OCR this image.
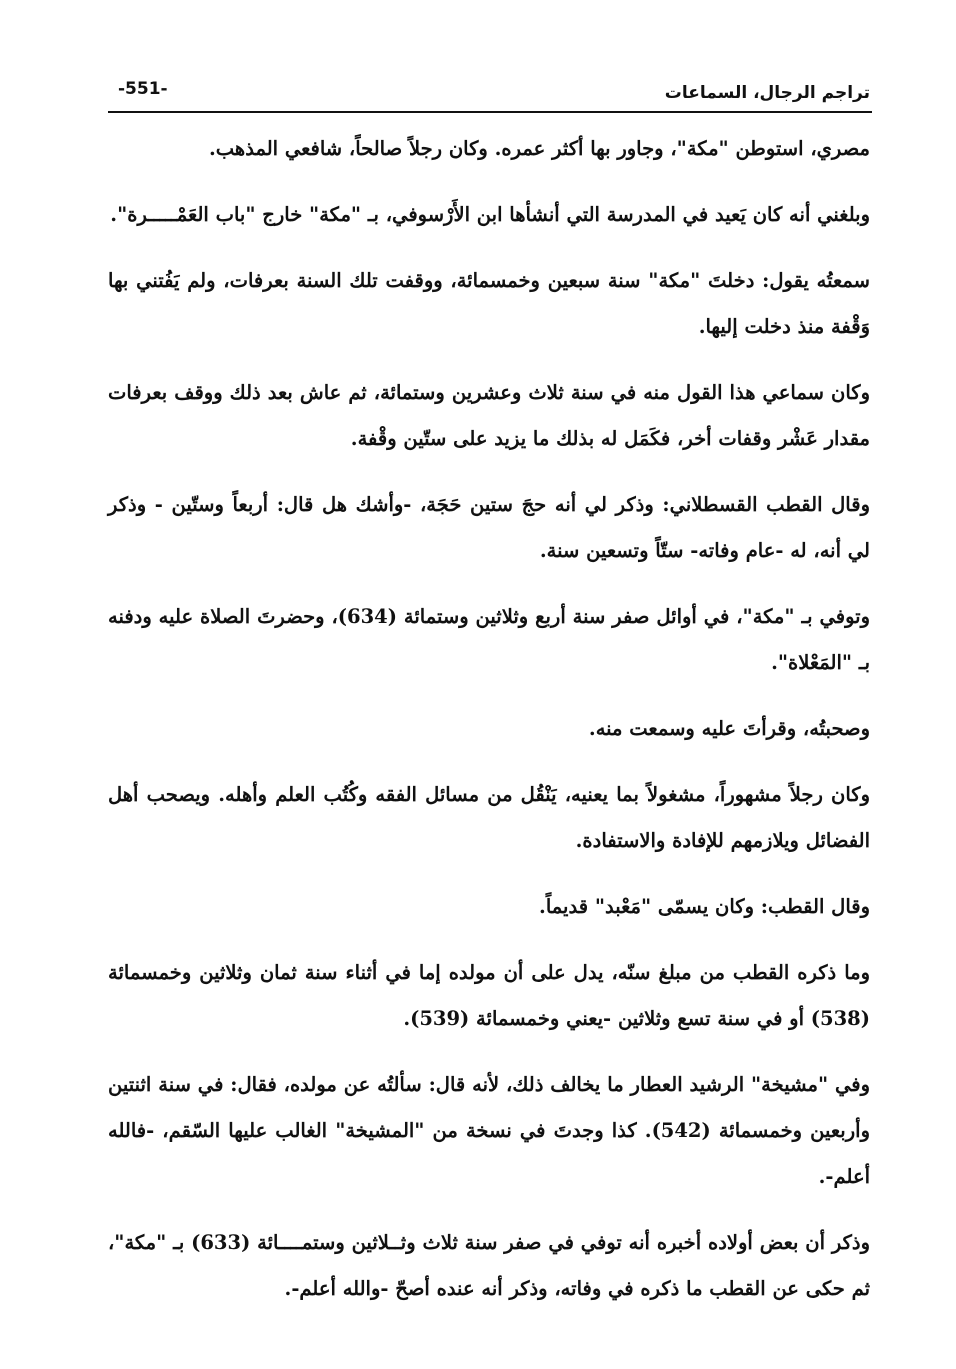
تراجم الرجال، السماعات
-551-

مصري، استوطن "مكة"، وجاور بها أكثر عمره. وكان رجلاً صالحاً، شافعي المذهب.

وبلغني أنه كان يَعيد في المدرسة التي أنشأها ابن الأَرْسوفي، بـ "مكة" خارج "باب العَمْـــــرة".

سمعتُه يقول: دخلتَ "مكة" سنة سبعين وخمسمائة، ووقفت تلك السنة بعرفات، ولم يَفُتني بها وَقْفة منذ دخلت إليها.

وكان سماعي هذا القول منه في سنة ثلاث وعشرين وستمائة، ثم عاش بعد ذلك ووقف بعرفات مقدار عَشْر وقفات أخر، فكَمَل له بذلك ما يزيد على ستّين وقْفة.

وقال القطب القسطلاني: وذكر لي أنه حجَ ستين حَجَة، -وأشك هل قال: أربعاً وستّين - وذكر لي أنه، له -عام وفاته- ستّاً وتسعين سنة.

وتوفي بـ "مكة"، في أوائل صفر سنة أربع وثلاثين وستمائة (634)، وحضرتَ الصلاة عليه ودفنه بـ "المَعْلاة".

وصحبتُه، وقرأتَ عليه وسمعت منه.

وكان رجلاً مشهوراً، مشغولاً بما يعنيه، يَنْقُل من مسائل الفقه وكُتُب العلم وأهله. ويصحب أهل الفضائل ويلازمهم للإفادة والاستفادة.

وقال القطب: وكان يسمّى "مَعْبد" قديماً.

وما ذكره القطب من مبلغ سنّه، يدل على أن مولده إما في أثناء سنة ثمان وثلاثين وخمسمائة (538) أو في سنة تسع وثلاثين -يعني وخمسمائة (539).

وفي "مشيخة" الرشيد العطار ما يخالف ذلك، لأنه قال: سألتُه عن مولده، فقال: في سنة اثنتين وأربعين وخمسمائة (542). كذا وجدتَ في نسخة من "المشيخة" الغالب عليها السّقم، -فالله أعلم-.

وذكر أن بعض أولاده أخبره أنه توفي في صفر سنة ثلاث وثــلاثين وستمــــائة (633) بـ "مكة"، ثم حكى عن القطب ما ذكره في وفاته، وذكر أنه عنده أصحّ -والله أعلم-.
